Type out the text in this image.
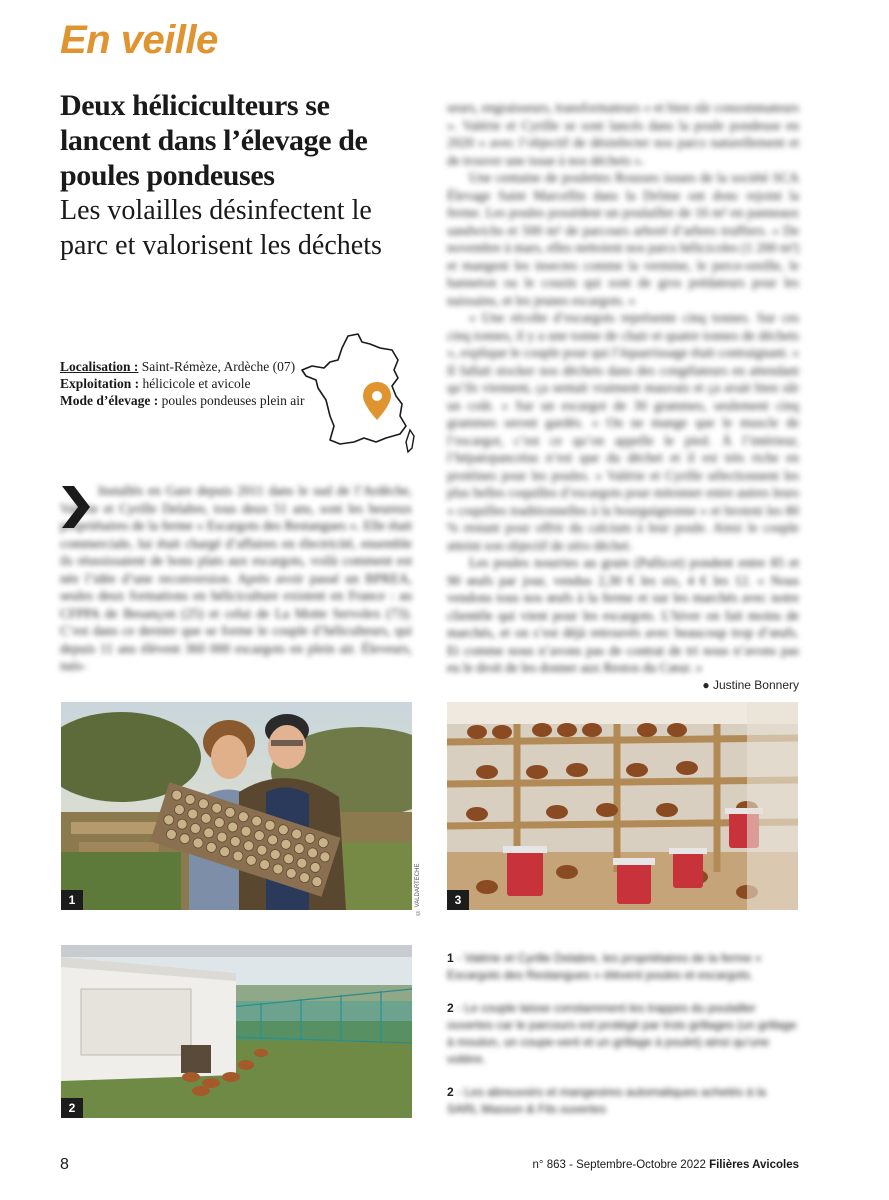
En veille
Deux héliciculteurs se lancent dans l’élevage de poules pondeuses
Les volailles désinfectent le parc et valorisent les déchets
Localisation : Saint-Rémèze, Ardèche (07)
Exploitation : hélicicole et avicole
Mode d’élevage : poules pondeuses plein air

Installés en Gare depuis 2011 dans le sud de l’Ardèche, Valérie et Cyrille Delabre, tous deux 51 ans, sont les heureux propriétaires de la ferme « Escargots des Restangues ». Elle était commerciale, lui était chargé d’affaires en électricité, ensemble ils réussissaient de bons plats aux escargots, voilà comment est née l’idée d’une reconversion. Après avoir passé un BPREA, seules deux formations en héliciculture existent en France : au CFPPA de Besançon (25) et celui de La Motte Servolex (73). C’est dans ce dernier que se forme le couple d’héliculteurs, qui depuis 11 ans élèvent 360 000 escargots en plein air. Éleveurs, nais-

seurs, engraisseurs, transformateurs « et bien sûr consommateurs ». Valérie et Cyrille se sont lancés dans la poule pondeuse en 2020 « avec l’objectif de désinfecter nos parcs naturellement et de trouver une issue à nos déchets ».

Une centaine de poulettes Rousses issues de la société SCA Élevage Saint Marcellin dans la Drôme ont donc rejoint la ferme. Les poules possèdent un poulailler de 16 m² en panneaux sandwichs et 500 m² de parcours arboré d’arbres truffiers. « De novembre à mars, elles nettoient nos parcs hélicicoles (1 200 m²) et mangent les insectes comme la vermine, le perce-oreille, le hanneton ou le cousin qui sont de gros prédateurs pour les naissains, et les jeunes escargots. »

« Une récolte d’escargots représente cinq tonnes. Sur ces cinq tonnes, il y a une tonne de chair et quatre tonnes de déchets », explique le couple pour qui l’équarrissage était contraignant. « Il fallait stocker nos déchets dans des congélateurs en attendant qu’ils viennent, ça sentait vraiment mauvais et ça avait bien sûr un coût. » Sur un escargot de 30 grammes, seulement cinq grammes seront gardés. « On ne mange que le muscle de l’escargot, c’est ce qu’on appelle le pied. À l’intérieur, l’hépatopancréas n’est que du déchet et il est très riche en protéines pour les poules. » Valérie et Cyrille sélectionnent les plus belles coquilles d’escargots pour mitonner entre autres leurs « coquilles traditionnelles à la bourguignonne » et broient les 80 % restant pour offrir du calcium à leur poule. Ainsi le couple atteint son objectif de zéro déchet.

Les poules nourries au grain (Pallicot) pondent entre 85 et 90 œufs par jour, vendus 2,30 € les six, 4 € les 12. « Nous vendons tous nos œufs à la ferme et sur les marchés avec notre clientèle qui vient pour les escargots. L’hiver on fait moins de marchés, et on s’est déjà retrouvés avec beaucoup trop d’œufs. Et comme nous n’avons pas de contrat de tri nous n’avons pas eu le droit de les donner aux Restos du Cœur. »

● Justine Bonnery

1	© VALDARTÈCHE	3
2
1 - Valérie et Cyrille Delabre, les propriétaires de la ferme « Escargots des Restangues » élèvent poules et escargots.
2 - Le couple laisse constamment les trappes du poulailler ouvertes car le parcours est protégé par trois grillages (un grillage à mouton, un coupe-vent et un grillage à poulet) ainsi qu’une volière.
2 - Les abreuvoirs et mangeoires automatiques achetés à la SARL Masson & Fils ouvertes
8	n° 863 - Septembre-Octobre 2022 Filières Avicoles
